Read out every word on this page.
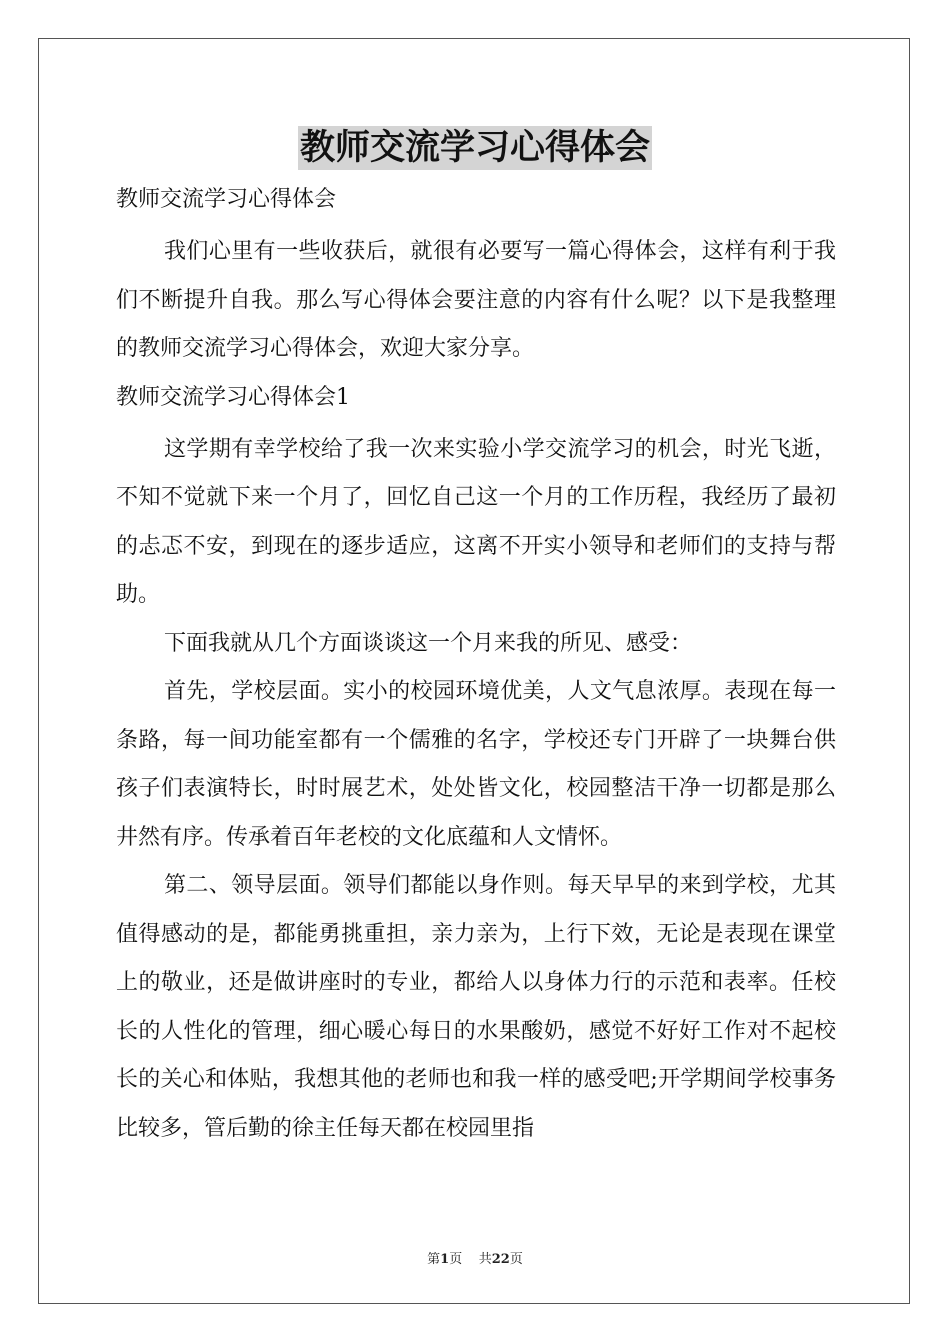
教师交流学习心得体会

教师交流学习心得体会

我们心里有一些收获后，就很有必要写一篇心得体会，这样有利于我们不断提升自我。那么写心得体会要注意的内容有什么呢？以下是我整理的教师交流学习心得体会，欢迎大家分享。

教师交流学习心得体会1

这学期有幸学校给了我一次来实验小学交流学习的机会，时光飞逝，不知不觉就下来一个月了，回忆自己这一个月的工作历程，我经历了最初的忐忑不安，到现在的逐步适应，这离不开实小领导和老师们的支持与帮助。

下面我就从几个方面谈谈这一个月来我的所见、感受：

首先，学校层面。实小的校园环境优美，人文气息浓厚。表现在每一条路，每一间功能室都有一个儒雅的名字，学校还专门开辟了一块舞台供孩子们表演特长，时时展艺术，处处皆文化，校园整洁干净一切都是那么井然有序。传承着百年老校的文化底蕴和人文情怀。

第二、领导层面。领导们都能以身作则。每天早早的来到学校，尤其值得感动的是，都能勇挑重担，亲力亲为，上行下效，无论是表现在课堂上的敬业，还是做讲座时的专业，都给人以身体力行的示范和表率。任校长的人性化的管理，细心暖心每日的水果酸奶，感觉不好好工作对不起校长的关心和体贴，我想其他的老师也和我一样的感受吧;开学期间学校事务比较多，管后勤的徐主任每天都在校园里指

第1页 共22页
